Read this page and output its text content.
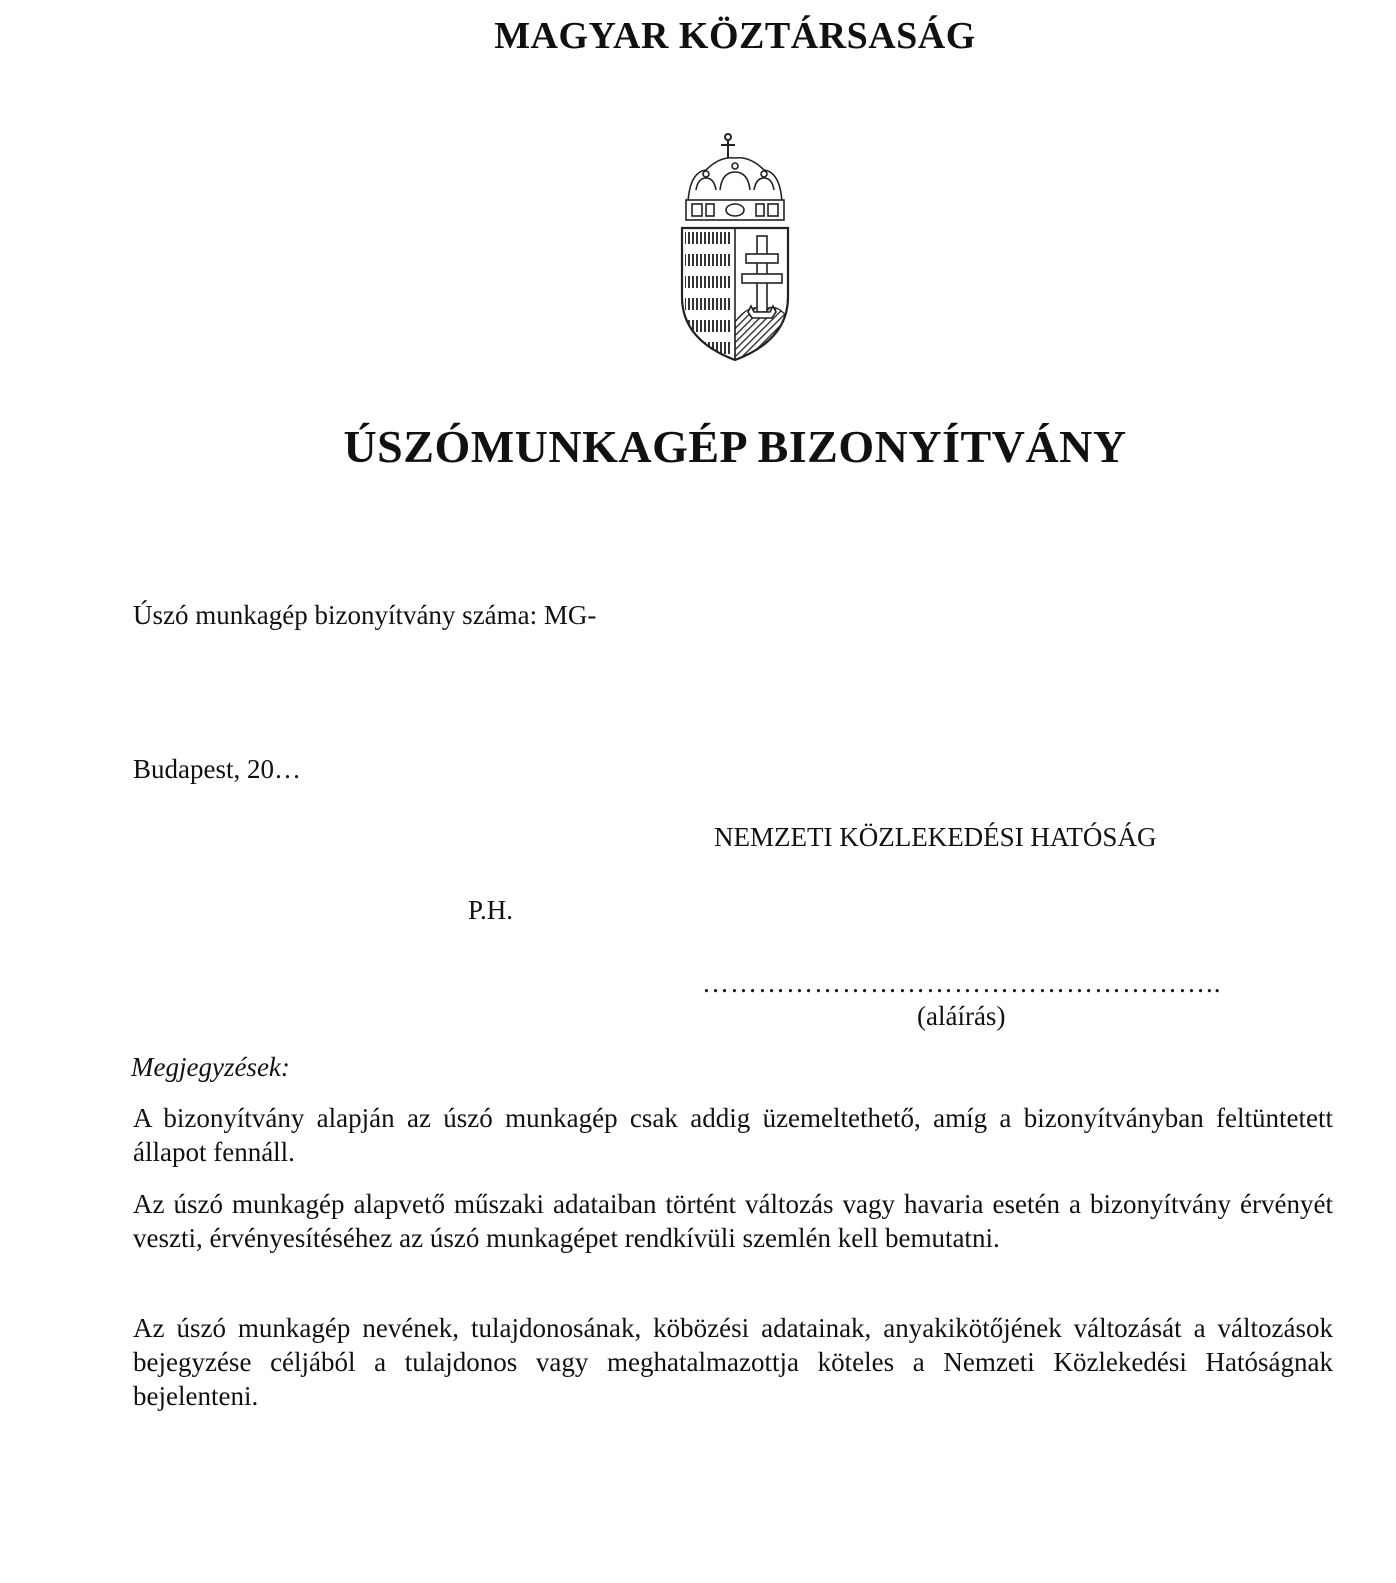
MAGYAR KÖZTÁRSASÁG
ÚSZÓMUNKAGÉP BIZONYÍTVÁNY
Úszó munkagép bizonyítvány száma: MG-
Budapest, 20…
NEMZETI KÖZLEKEDÉSI HATÓSÁG
P.H.
………………………………………………..
(aláírás)
Megjegyzések:
A bizonyítvány alapján az úszó munkagép csak addig üzemeltethető, amíg a bizonyítványban feltüntetett állapot fennáll.
Az úszó munkagép alapvető műszaki adataiban történt változás vagy havaria esetén a bizonyítvány érvényét veszti, érvényesítéséhez az úszó munkagépet rendkívüli szemlén kell bemutatni.
Az úszó munkagép nevének, tulajdonosának, köbözési adatainak, anyakikötőjének változását a változások bejegyzése céljából a tulajdonos vagy meghatalmazottja köteles a Nemzeti Közlekedési Hatóságnak bejelenteni.
